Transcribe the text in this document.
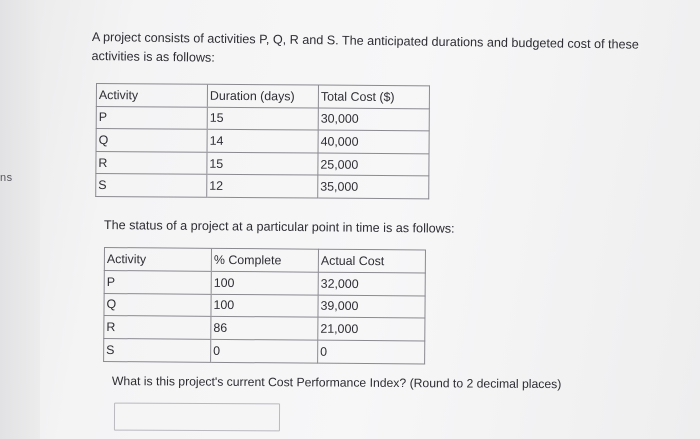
ns
A project consists of activities P, Q, R and S. The anticipated durations and budgeted cost of these activities is as follows:
Activity	Duration (days)	Total Cost ($)
P	15	30,000
Q	14	40,000
R	15	25,000
S	12	35,000
The status of a project at a particular point in time is as follows:
Activity	% Complete	Actual Cost
P	100	32,000
Q	100	39,000
R	86	21,000
S	0	0
What is this project's current Cost Performance Index? (Round to 2 decimal places)
